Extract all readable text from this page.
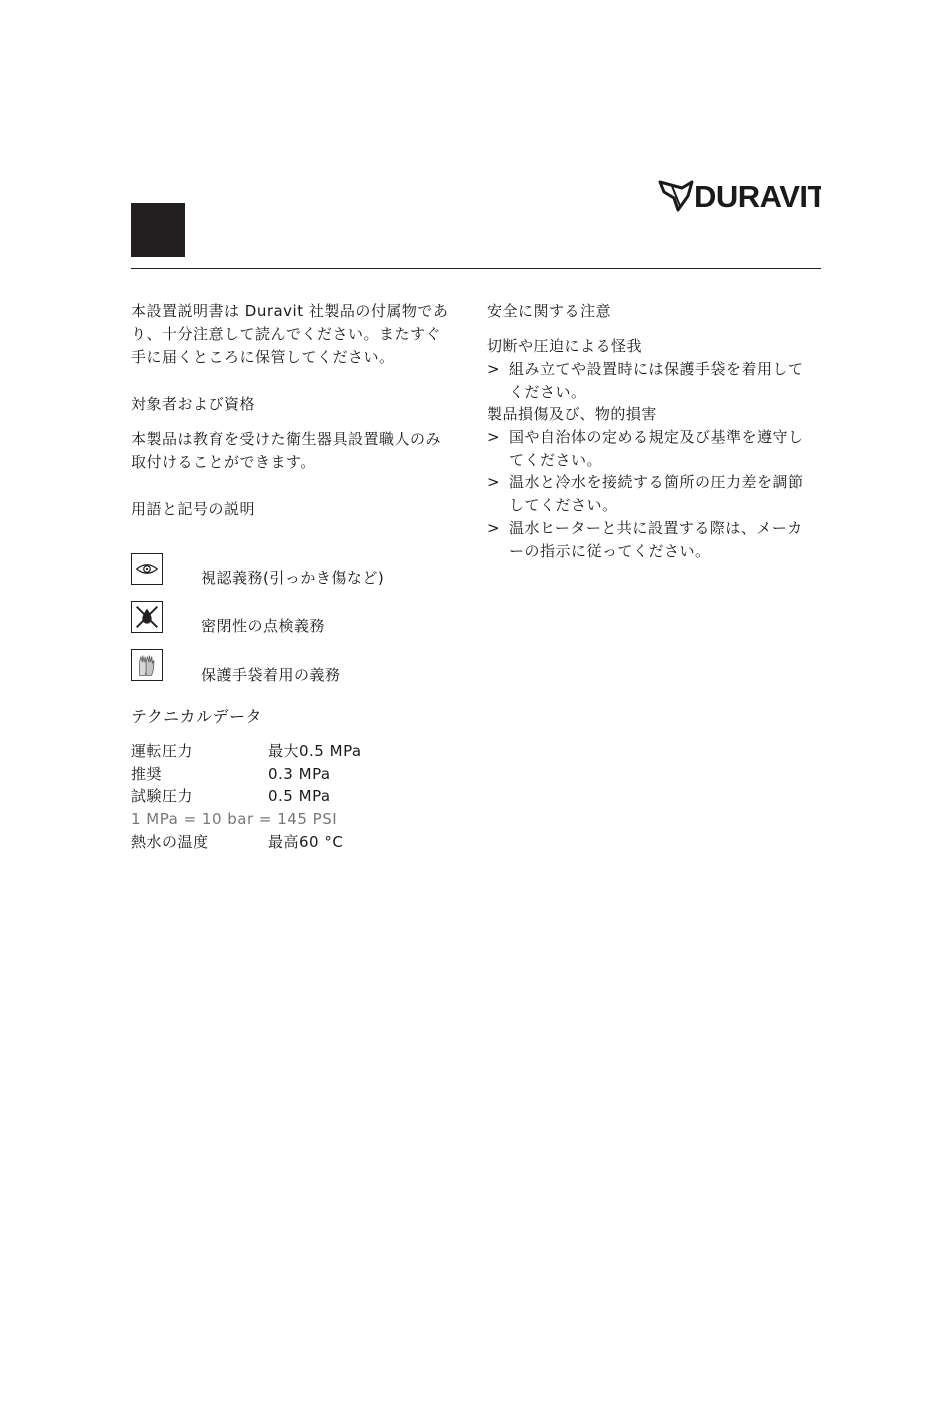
DURAVIT
本設置説明書は Duravit 社製品の付属物であ
り、十分注意して読んでください。またすぐ
手に届くところに保管してください。
対象者および資格
本製品は教育を受けた衛生器具設置職人のみ
取付けることができます。
用語と記号の説明
視認義務(引っかき傷など)
密閉性の点検義務
保護手袋着用の義務
テクニカルデータ
運転圧力	最大0.5 MPa
推奨	0.3 MPa
試験圧力	0.5 MPa
1 MPa = 10 bar = 145 PSI
熱水の温度	最高60 °C
安全に関する注意
切断や圧迫による怪我
> 組み立てや設置時には保護手袋を着用して
ください。
製品損傷及び、物的損害
> 国や自治体の定める規定及び基準を遵守し
てください。
> 温水と冷水を接続する箇所の圧力差を調節
してください。
> 温水ヒーターと共に設置する際は、メーカ
ーの指示に従ってください。
